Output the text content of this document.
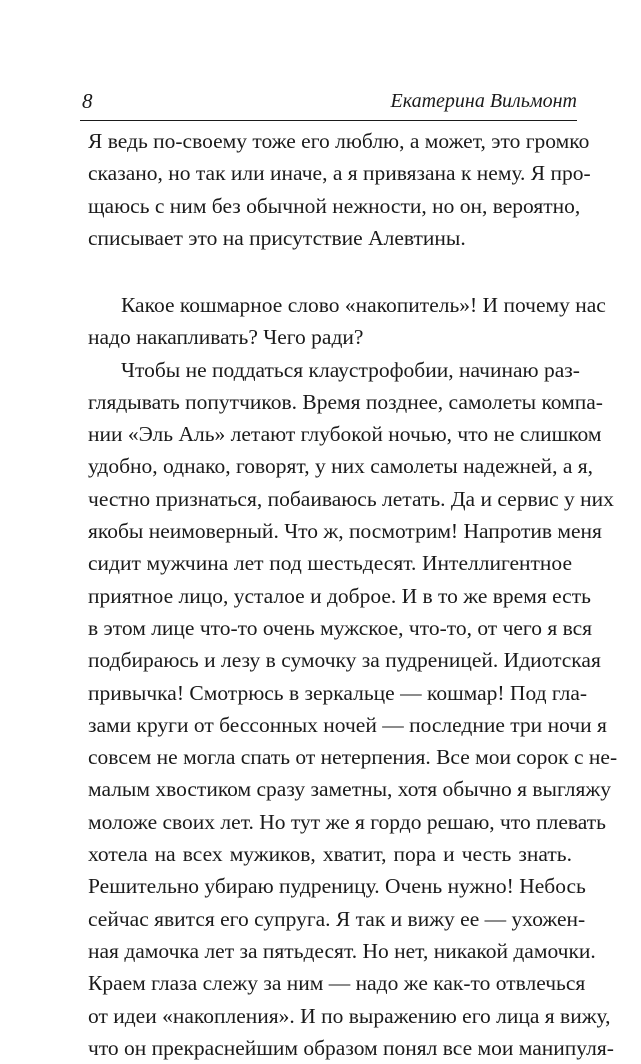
8	Екатерина Вильмонт
Я ведь по-своему тоже его люблю, а может, это громко
сказано, но так или иначе, а я привязана к нему. Я про-
щаюсь с ним без обычной нежности, но он, вероятно,
списывает это на присутствие Алевтины.
Какое кошмарное слово «накопитель»! И почему нас
надо накапливать? Чего ради?
Чтобы не поддаться клаустрофобии, начинаю раз-
глядывать попутчиков. Время позднее, самолеты компа-
нии «Эль Аль» летают глубокой ночью, что не слишком
удобно, однако, говорят, у них самолеты надежней, а я,
честно признаться, побаиваюсь летать. Да и сервис у них
якобы неимоверный. Что ж, посмотрим! Напротив меня
сидит мужчина лет под шестьдесят. Интеллигентное
приятное лицо, усталое и доброе. И в то же время есть
в этом лице что-то очень мужское, что-то, от чего я вся
подбираюсь и лезу в сумочку за пудреницей. Идиотская
привычка! Смотрюсь в зеркальце — кошмар! Под гла-
зами круги от бессонных ночей — последние три ночи я
совсем не могла спать от нетерпения. Все мои сорок с не-
малым хвостиком сразу заметны, хотя обычно я выгляжу
моложе своих лет. Но тут же я гордо решаю, что плевать
хотела на всех мужиков, хватит, пора и честь знать.
Решительно убираю пудреницу. Очень нужно! Небось
сейчас явится его супруга. Я так и вижу ее — ухожен-
ная дамочка лет за пятьдесят. Но нет, никакой дамочки.
Краем глаза слежу за ним — надо же как-то отвлечься
от идеи «накопления». И по выражению его лица я вижу,
что он прекраснейшим образом понял все мои манипуля-
